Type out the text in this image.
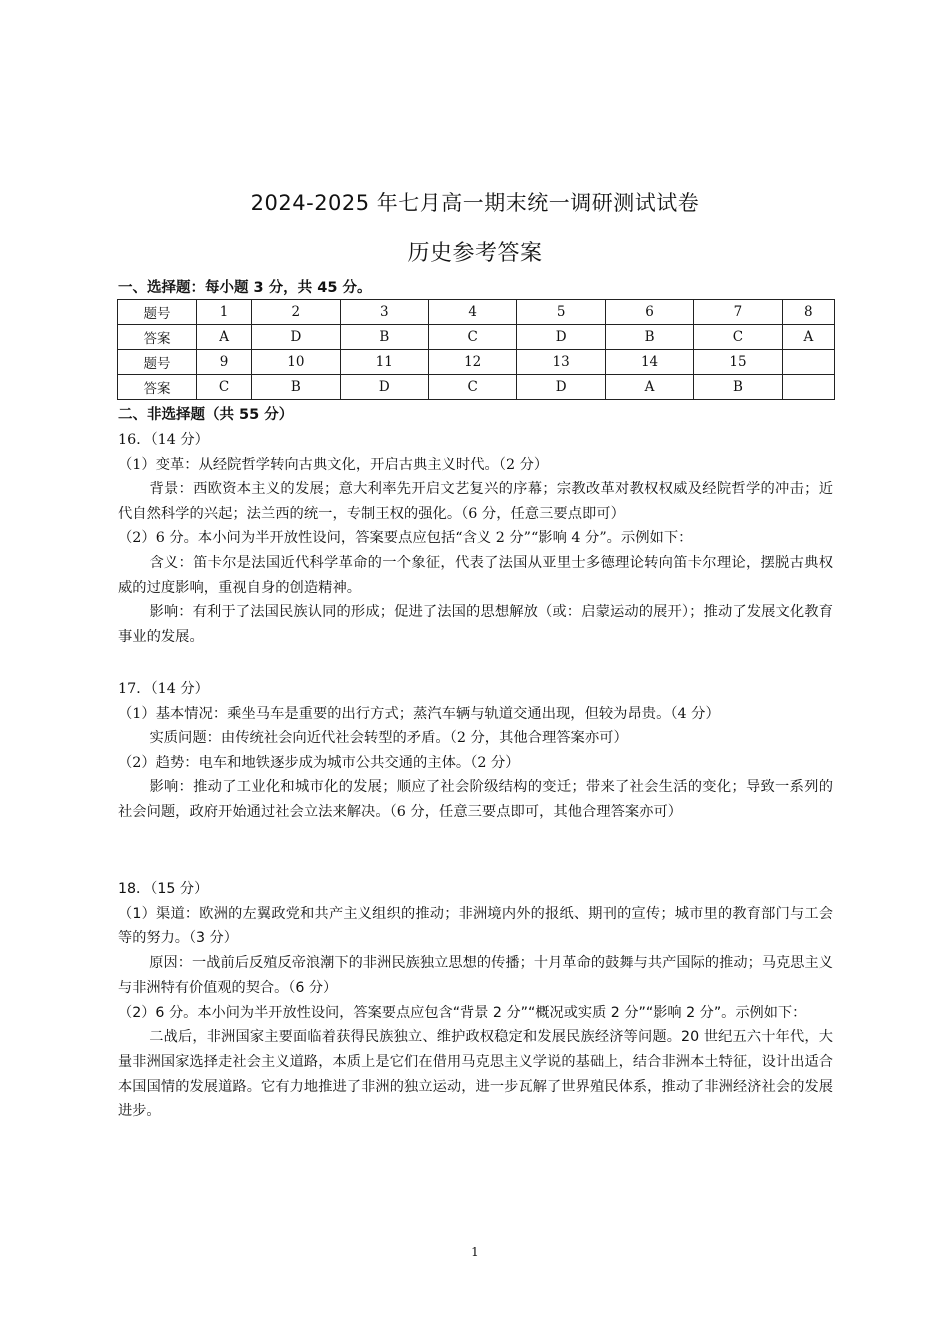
2024-2025 年七月高一期末统一调研测试试卷
历史参考答案
一、选择题：每小题 3 分，共 45 分。
题号	1	2	3	4	5	6	7	8
答案	A	D	B	C	D	B	C	A
题号	9	10	11	12	13	14	15	
答案	C	B	D	C	D	A	B	
二、非选择题（共 55 分）

16．（14 分）

（1）变革：从经院哲学转向古典文化，开启古典主义时代。（2 分）

背景：西欧资本主义的发展；意大利率先开启文艺复兴的序幕；宗教改革对教权权威及经院哲学的冲击；近代自然科学的兴起；法兰西的统一，专制王权的强化。（6 分，任意三要点即可）

（2）6 分。本小问为半开放性设问，答案要点应包括“含义 2 分”“影响 4 分”。示例如下：

含义：笛卡尔是法国近代科学革命的一个象征，代表了法国从亚里士多德理论转向笛卡尔理论，摆脱古典权威的过度影响，重视自身的创造精神。

影响：有利于了法国民族认同的形成；促进了法国的思想解放（或：启蒙运动的展开）；推动了发展文化教育事业的发展。

17．（14 分）

（1）基本情况：乘坐马车是重要的出行方式；蒸汽车辆与轨道交通出现，但较为昂贵。（4 分）

实质问题：由传统社会向近代社会转型的矛盾。（2 分，其他合理答案亦可）

（2）趋势：电车和地铁逐步成为城市公共交通的主体。（2 分）

影响：推动了工业化和城市化的发展；顺应了社会阶级结构的变迁；带来了社会生活的变化；导致一系列的社会问题，政府开始通过社会立法来解决。（6 分，任意三要点即可，其他合理答案亦可）

18．（15 分）

（1）渠道：欧洲的左翼政党和共产主义组织的推动；非洲境内外的报纸、期刊的宣传；城市里的教育部门与工会等的努力。（3 分）

原因：一战前后反殖反帝浪潮下的非洲民族独立思想的传播；十月革命的鼓舞与共产国际的推动；马克思主义与非洲特有价值观的契合。（6 分）

（2）6 分。本小问为半开放性设问，答案要点应包含“背景 2 分”“概况或实质 2 分”“影响 2 分”。示例如下：

二战后，非洲国家主要面临着获得民族独立、维护政权稳定和发展民族经济等问题。20 世纪五六十年代，大量非洲国家选择走社会主义道路，本质上是它们在借用马克思主义学说的基础上，结合非洲本土特征，设计出适合本国国情的发展道路。它有力地推进了非洲的独立运动，进一步瓦解了世界殖民体系，推动了非洲经济社会的发展进步。

1
